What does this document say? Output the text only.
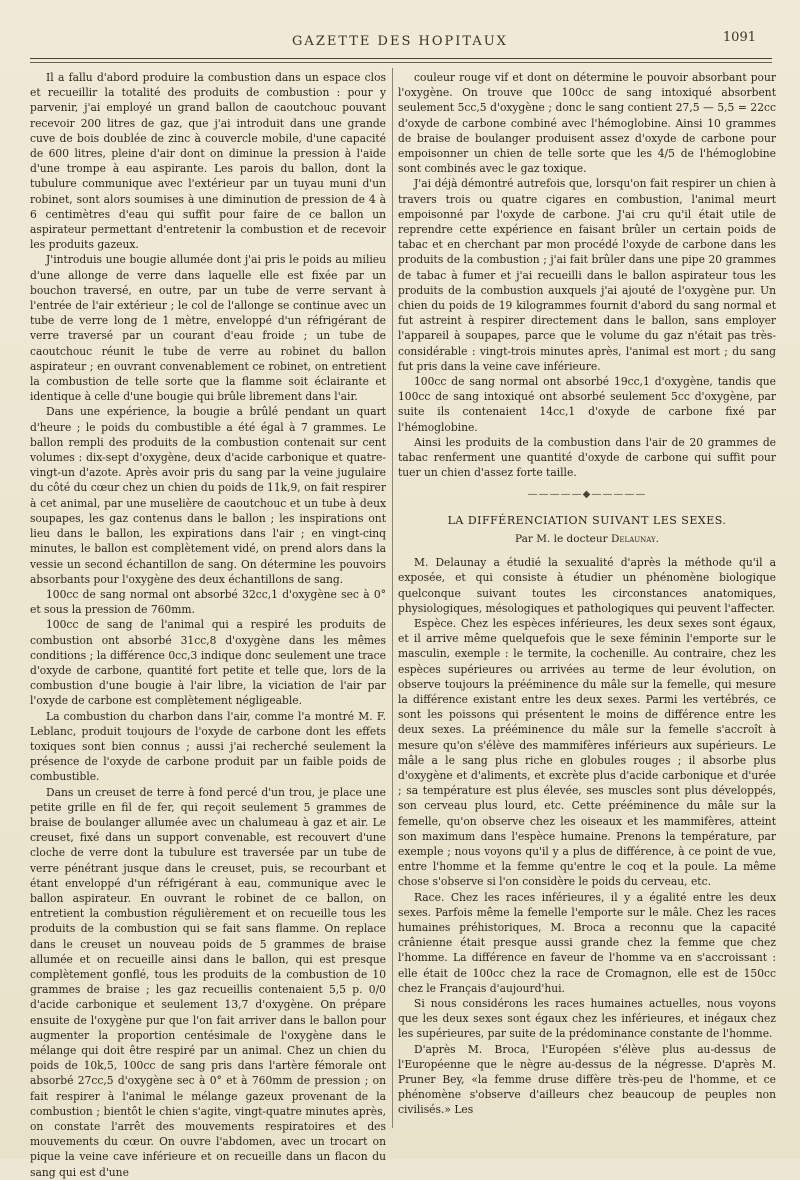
GAZETTE DES HOPITAUX	1091

Il a fallu d'abord produire la combustion dans un espace clos et recueillir la totalité des produits de combustion : pour y parvenir, j'ai employé un grand ballon de caoutchouc pouvant recevoir 200 litres de gaz, que j'ai introduit dans une grande cuve de bois doublée de zinc à couvercle mobile, d'une capacité de 600 litres, pleine d'air dont on diminue la pression à l'aide d'une trompe à eau aspirante. Les parois du ballon, dont la tubulure communique avec l'extérieur par un tuyau muni d'un robinet, sont alors soumises à une diminution de pression de 4 à 6 centimètres d'eau qui suffit pour faire de ce ballon un aspirateur permettant d'entretenir la combustion et de recevoir les produits gazeux.

J'introduis une bougie allumée dont j'ai pris le poids au milieu d'une allonge de verre dans laquelle elle est fixée par un bouchon traversé, en outre, par un tube de verre servant à l'entrée de l'air extérieur ; le col de l'allonge se continue avec un tube de verre long de 1 mètre, enveloppé d'un réfrigérant de verre traversé par un courant d'eau froide ; un tube de caoutchouc réunit le tube de verre au robinet du ballon aspirateur ; en ouvrant convenablement ce robinet, on entretient la combustion de telle sorte que la flamme soit éclairante et identique à celle d'une bougie qui brûle librement dans l'air.

Dans une expérience, la bougie a brûlé pendant un quart d'heure ; le poids du combustible a été égal à 7 grammes. Le ballon rempli des produits de la combustion contenait sur cent volumes : dix-sept d'oxygène, deux d'acide carbonique et quatre-vingt-un d'azote. Après avoir pris du sang par la veine jugulaire du côté du cœur chez un chien du poids de 11k,9, on fait respirer à cet animal, par une muselière de caoutchouc et un tube à deux soupapes, les gaz contenus dans le ballon ; les inspirations ont lieu dans le ballon, les expirations dans l'air ; en vingt-cinq minutes, le ballon est complètement vidé, on prend alors dans la vessie un second échantillon de sang. On détermine les pouvoirs absorbants pour l'oxygène des deux échantillons de sang.

100cc de sang normal ont absorbé 32cc,1 d'oxygène sec à 0° et sous la pression de 760mm.

100cc de sang de l'animal qui a respiré les produits de combustion ont absorbé 31cc,8 d'oxygène dans les mêmes conditions ; la différence 0cc,3 indique donc seulement une trace d'oxyde de carbone, quantité fort petite et telle que, lors de la combustion d'une bougie à l'air libre, la viciation de l'air par l'oxyde de carbone est complètement négligeable.

La combustion du charbon dans l'air, comme l'a montré M. F. Leblanc, produit toujours de l'oxyde de carbone dont les effets toxiques sont bien connus ; aussi j'ai recherché seulement la présence de l'oxyde de carbone produit par un faible poids de combustible.

Dans un creuset de terre à fond percé d'un trou, je place une petite grille en fil de fer, qui reçoit seulement 5 grammes de braise de boulanger allumée avec un chalumeau à gaz et air. Le creuset, fixé dans un support convenable, est recouvert d'une cloche de verre dont la tubulure est traversée par un tube de verre pénétrant jusque dans le creuset, puis, se recourbant et étant enveloppé d'un réfrigérant à eau, communique avec le ballon aspirateur. En ouvrant le robinet de ce ballon, on entretient la combustion régulièrement et on recueille tous les produits de la combustion qui se fait sans flamme. On replace dans le creuset un nouveau poids de 5 grammes de braise allumée et on recueille ainsi dans le ballon, qui est presque complètement gonflé, tous les produits de la combustion de 10 grammes de braise ; les gaz recueillis contenaient 5,5 p. 0/0 d'acide carbonique et seulement 13,7 d'oxygène. On prépare ensuite de l'oxygène pur que l'on fait arriver dans le ballon pour augmenter la proportion centésimale de l'oxygène dans le mélange qui doit être respiré par un animal. Chez un chien du poids de 10k,5, 100cc de sang pris dans l'artère fémorale ont absorbé 27cc,5 d'oxygène sec à 0° et à 760mm de pression ; on fait respirer à l'animal le mélange gazeux provenant de la combustion ; bientôt le chien s'agite, vingt-quatre minutes après, on constate l'arrêt des mouvements respiratoires et des mouvements du cœur. On ouvre l'abdomen, avec un trocart on pique la veine cave inférieure et on recueille dans un flacon du sang qui est d'une

couleur rouge vif et dont on détermine le pouvoir absorbant pour l'oxygène. On trouve que 100cc de sang intoxiqué absorbent seulement 5cc,5 d'oxygène ; donc le sang contient 27,5 — 5,5 = 22cc d'oxyde de carbone combiné avec l'hémoglobine. Ainsi 10 grammes de braise de boulanger produisent assez d'oxyde de carbone pour empoisonner un chien de telle sorte que les 4/5 de l'hémoglobine sont combinés avec le gaz toxique.

J'ai déjà démontré autrefois que, lorsqu'on fait respirer un chien à travers trois ou quatre cigares en combustion, l'animal meurt empoisonné par l'oxyde de carbone. J'ai cru qu'il était utile de reprendre cette expérience en faisant brûler un certain poids de tabac et en cherchant par mon procédé l'oxyde de carbone dans les produits de la combustion ; j'ai fait brûler dans une pipe 20 grammes de tabac à fumer et j'ai recueilli dans le ballon aspirateur tous les produits de la combustion auxquels j'ai ajouté de l'oxygène pur. Un chien du poids de 19 kilogrammes fournit d'abord du sang normal et fut astreint à respirer directement dans le ballon, sans employer l'appareil à soupapes, parce que le volume du gaz n'était pas très-considérable : vingt-trois minutes après, l'animal est mort ; du sang fut pris dans la veine cave inférieure.

100cc de sang normal ont absorbé 19cc,1 d'oxygène, tandis que 100cc de sang intoxiqué ont absorbé seulement 5cc d'oxygène, par suite ils contenaient 14cc,1 d'oxyde de carbone fixé par l'hémoglobine.

Ainsi les produits de la combustion dans l'air de 20 grammes de tabac renferment une quantité d'oxyde de carbone qui suffit pour tuer un chien d'assez forte taille.

—————◆—————
LA DIFFÉRENCIATION SUIVANT LES SEXES.
Par M. le docteur Delaunay.

M. Delaunay a étudié la sexualité d'après la méthode qu'il a exposée, et qui consiste à étudier un phénomène biologique quelconque suivant toutes les circonstances anatomiques, physiologiques, mésologiques et pathologiques qui peuvent l'affecter.

Espèce. Chez les espèces inférieures, les deux sexes sont égaux, et il arrive même quelquefois que le sexe féminin l'emporte sur le masculin, exemple : le termite, la cochenille. Au contraire, chez les espèces supérieures ou arrivées au terme de leur évolution, on observe toujours la prééminence du mâle sur la femelle, qui mesure la différence existant entre les deux sexes. Parmi les vertébrés, ce sont les poissons qui présentent le moins de différence entre les deux sexes. La prééminence du mâle sur la femelle s'accroît à mesure qu'on s'élève des mammifères inférieurs aux supérieurs. Le mâle a le sang plus riche en globules rouges ; il absorbe plus d'oxygène et d'aliments, et excrète plus d'acide carbonique et d'urée ; sa température est plus élevée, ses muscles sont plus développés, son cerveau plus lourd, etc. Cette prééminence du mâle sur la femelle, qu'on observe chez les oiseaux et les mammifères, atteint son maximum dans l'espèce humaine. Prenons la température, par exemple ; nous voyons qu'il y a plus de différence, à ce point de vue, entre l'homme et la femme qu'entre le coq et la poule. La même chose s'observe si l'on considère le poids du cerveau, etc.

Race. Chez les races inférieures, il y a égalité entre les deux sexes. Parfois même la femelle l'emporte sur le mâle. Chez les races humaines préhistoriques, M. Broca a reconnu que la capacité crânienne était presque aussi grande chez la femme que chez l'homme. La différence en faveur de l'homme va en s'accroissant : elle était de 100cc chez la race de Cromagnon, elle est de 150cc chez le Français d'aujourd'hui.

Si nous considérons les races humaines actuelles, nous voyons que les deux sexes sont égaux chez les inférieures, et inégaux chez les supérieures, par suite de la prédominance constante de l'homme.

D'après M. Broca, l'Européen s'élève plus au-dessus de l'Européenne que le nègre au-dessus de la négresse. D'après M. Pruner Bey, «la femme druse diffère très-peu de l'homme, et ce phénomène s'observe d'ailleurs chez beaucoup de peuples non civilisés.» Les
